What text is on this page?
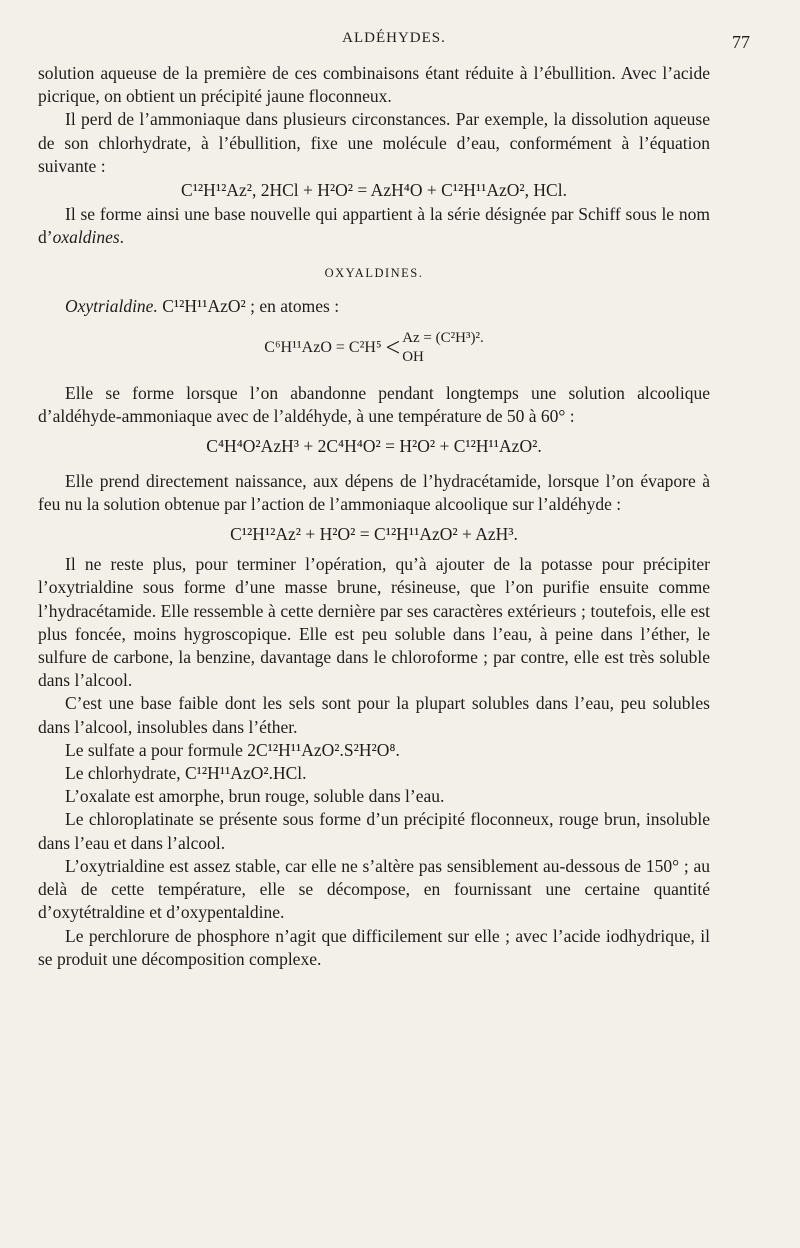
ALDÉHYDES.	77

solution aqueuse de la première de ces combinaisons étant réduite à l’ébullition. Avec l’acide picrique, on obtient un précipité jaune floconneux.

Il perd de l’ammoniaque dans plusieurs circonstances. Par exemple, la dissolution aqueuse de son chlorhydrate, à l’ébullition, fixe une molécule d’eau, conformément à l’équation suivante :

C¹²H¹²Az², 2HCl + H²O² = AzH⁴O + C¹²H¹¹AzO², HCl.

Il se forme ainsi une base nouvelle qui appartient à la série désignée par Schiff sous le nom d’oxaldines.

OXYALDINES.

Oxytrialdine. C¹²H¹¹AzO² ; en atomes :

C⁶H¹¹AzO = C²H⁵ < Az = (C²H³)².
OH

Elle se forme lorsque l’on abandonne pendant longtemps une solution alcoolique d’aldéhyde-ammoniaque avec de l’aldéhyde, à une température de 50 à 60° :

C⁴H⁴O²AzH³ + 2C⁴H⁴O² = H²O² + C¹²H¹¹AzO².

Elle prend directement naissance, aux dépens de l’hydracétamide, lorsque l’on évapore à feu nu la solution obtenue par l’action de l’ammoniaque alcoolique sur l’aldéhyde :

C¹²H¹²Az² + H²O² = C¹²H¹¹AzO² + AzH³.

Il ne reste plus, pour terminer l’opération, qu’à ajouter de la potasse pour précipiter l’oxytrialdine sous forme d’une masse brune, résineuse, que l’on purifie ensuite comme l’hydracétamide. Elle ressemble à cette dernière par ses caractères extérieurs ; toutefois, elle est plus foncée, moins hygroscopique. Elle est peu soluble dans l’eau, à peine dans l’éther, le sulfure de carbone, la benzine, davantage dans le chloroforme ; par contre, elle est très soluble dans l’alcool.

C’est une base faible dont les sels sont pour la plupart solubles dans l’eau, peu solubles dans l’alcool, insolubles dans l’éther.

Le sulfate a pour formule 2C¹²H¹¹AzO².S²H²O⁸.

Le chlorhydrate, C¹²H¹¹AzO².HCl.

L’oxalate est amorphe, brun rouge, soluble dans l’eau.

Le chloroplatinate se présente sous forme d’un précipité floconneux, rouge brun, insoluble dans l’eau et dans l’alcool.

L’oxytrialdine est assez stable, car elle ne s’altère pas sensiblement au-dessous de 150° ; au delà de cette température, elle se décompose, en fournissant une certaine quantité d’oxytétraldine et d’oxypentaldine.

Le perchlorure de phosphore n’agit que difficilement sur elle ; avec l’acide iodhydrique, il se produit une décomposition complexe.
